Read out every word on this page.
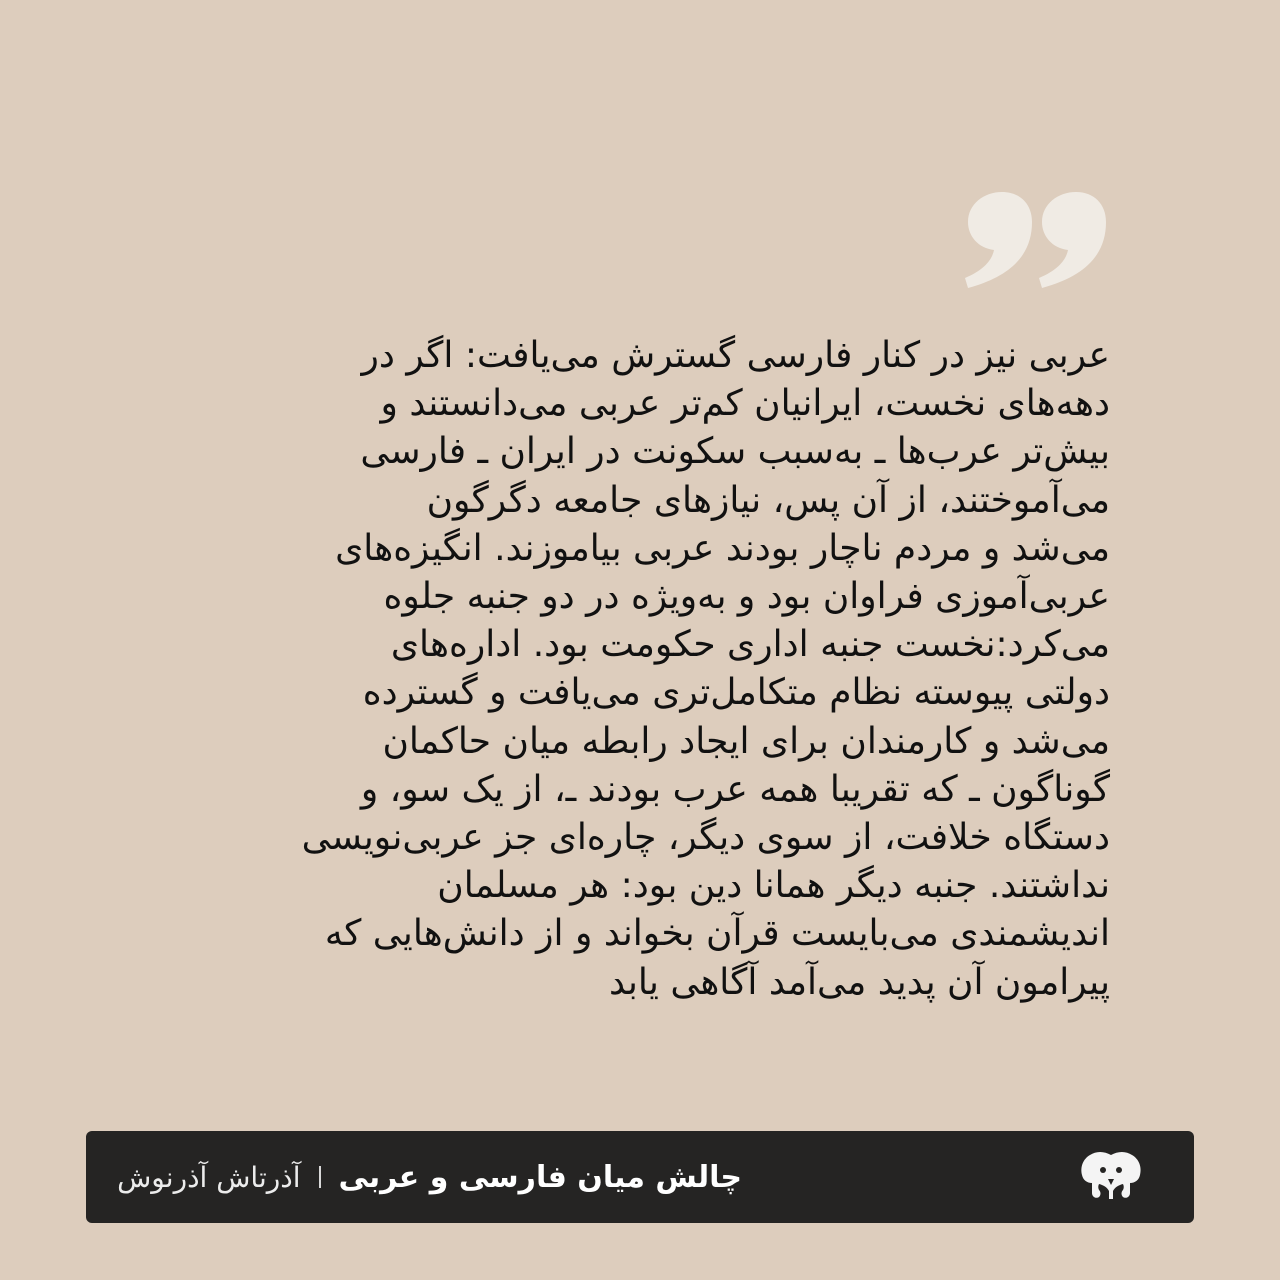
عربی نیز در کنار فارسی گسترش می‌یافت: اگر در
دهه‌های نخست، ایرانیان کم‌تر عربی می‌دانستند و
بیش‌تر عرب‌ها ـ به‌سبب سکونت در ایران ـ فارسی
می‌آموختند، از آن پس، نیازهای جامعه دگرگون
می‌شد و مردم ناچار بودند عربی بیاموزند. انگیزه‌های
عربی‌آموزی فراوان بود و به‌ویژه در دو جنبه جلوه
می‌کرد:نخست جنبه اداری حکومت بود. اداره‌های
دولتی پیوسته نظام متکامل‌تری می‌یافت و گسترده
می‌شد و کارمندان برای ایجاد رابطه میان حاکمان
گوناگون ـ که تقریبا همه عرب بودند ـ، از یک سو، و
دستگاه خلافت، از سوی دیگر، چاره‌ای جز عربی‌نویسی
نداشتند. جنبه دیگر همانا دین بود: هر مسلمان
اندیشمندی می‌بایست قرآن بخواند و از دانش‌هایی که
پیرامون آن پدید می‌آمد آگاهی یابد

چالش میان فارسی و عربی
آذرتاش آذرنوش
